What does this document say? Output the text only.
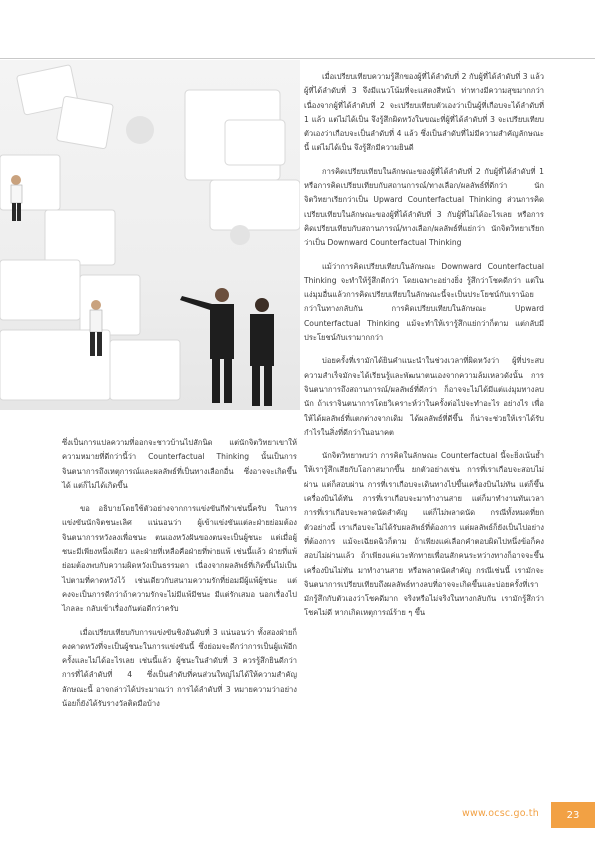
ซึ่งเป็นการแปลความที่ออกจะชาวบ้านไปสักนิด แต่นักจิตวิทยาเขาให้ความหมายที่ดีกว่านี้ว่า Counterfactual Thinking นั้นเป็นการจินตนาการถึงเหตุการณ์และผลลัพธ์ที่เป็นทางเลือกอื่น ซึ่งอาจจะเกิดขึ้นได้ แต่ก็ไม่ได้เกิดขึ้น

ขอ อธิบายโดยใช้ตัวอย่างจากการแข่งขันกีฬาเช่นนี้ครับ ในการแข่งขันนักจิตชนะเลิศ แน่นอนว่า ผู้เข้าแข่งขันแต่ละฝ่ายย่อมต้องจินตนาการหวังลงเพื่อชนะ ตนเองหวังฝันของตนจะเป็นผู้ชนะ แต่เมื่อผู้ชนะมีเพียงหนึ่งเดียว และฝ่ายที่เหลือคือฝ่ายที่พ่ายแพ้ เช่นนี้แล้ว ฝ่ายที่แพ้ย่อมต้องพบกับความผิดหวังเป็นธรรมดา เนื่องจากผลลัพธ์ที่เกิดขึ้นไม่เป็นไปตามที่คาดหวังไว้ เช่นเดียวกับสนามความรักที่ย่อมมีผู้แพ้ผู้ชนะ แต่คงจะเป็นการดีกว่าถ้าความรักจะไม่มีแพ้มีชนะ มีแต่รักเสมอ นอกเรื่องไปไกลละ กลับเข้าเรื่องกันต่อดีกว่าครับ

เมื่อเปรียบเทียบกับการแข่งขันชิงอันดับที่ 3 แน่นอนว่า ทั้งสองฝ่ายก็คงคาดหวังที่จะเป็นผู้ชนะในการแข่งขันนี้ ซึ่งย่อมจะดีกว่าการเป็นผู้แพ้อีกครั้งและไม่ได้อะไรเลย เช่นนี้แล้ว ผู้ชนะในลำดับที่ 3 ควรรู้สึกยินดีกว่าการที่ได้ลำดับที่ 4 ซึ่งเป็นลำดับที่คนส่วนใหญ่ไม่ได้ให้ความสำคัญลักษณะนี้ อาจกล่าวได้ประมาณว่า การได้ลำดับที่ 3 หมายความว่าอย่างน้อยก็ยังได้รับรางวัลติดมือบ้าง

เมื่อเปรียบเทียบความรู้สึกของผู้ที่ได้ลำดับที่ 2 กับผู้ที่ได้ลำดับที่ 3 แล้ว ผู้ที่ได้ลำดับที่ 3 จึงมีแนวโน้มที่จะแสดงสีหน้า ท่าทางมีความสุขมากกว่า เนื่องจากผู้ที่ได้ลำดับที่ 2 จะเปรียบเทียบตัวเองว่าเป็นผู้ที่เกือบจะได้ลำดับที่ 1 แล้ว แต่ไม่ได้เป็น จึงรู้สึกผิดหวังในขณะที่ผู้ที่ได้ลำดับที่ 3 จะเปรียบเทียบตัวเองว่าเกือบจะเป็นลำดับที่ 4 แล้ว ซึ่งเป็นลำดับที่ไม่มีความสำคัญลักษณะนี้ แต่ไม่ได้เป็น จึงรู้สึกมีความยินดี

การคิดเปรียบเทียบในลักษณะของผู้ที่ได้ลำดับที่ 2 กับผู้ที่ได้ลำดับที่ 1 หรือการคิดเปรียบเทียบกับสถานการณ์/ทางเลือก/ผลลัพธ์ที่ดีกว่า นักจิตวิทยาเรียกว่าเป็น Upward Counterfactual Thinking ส่วนการคิดเปรียบเทียบในลักษณะของผู้ที่ได้ลำดับที่ 3 กับผู้ที่ไม่ได้อะไรเลย หรือการคิดเปรียบเทียบกับสถานการณ์/ทางเลือก/ผลลัพธ์ที่แย่กว่า นักจิตวิทยาเรียกว่าเป็น Downward Counterfactual Thinking

แม้ว่าการคิดเปรียบเทียบในลักษณะ Downward Counterfactual Thinking จะทำให้รู้สึกดีกว่า โดยเฉพาะอย่างยิ่ง รู้สึกว่าโชคดีกว่า แต่ในแง่มุมอื่นแล้วการคิดเปรียบเทียบในลักษณะนี้จะเป็นประโยชน์กับเราน้อยกว่าในทางกลับกัน การคิดเปรียบเทียบในลักษณะ Upward Counterfactual Thinking แม้จะทำให้เรารู้สึกแย่กว่าก็ตาม แต่กลับมีประโยชน์กับเรามากกว่า

บ่อยครั้งที่เรามักได้ยินคำแนะนำในช่วงเวลาที่ผิดหวังว่า ผู้ที่ประสบความสำเร็จมักจะได้เรียนรู้และพัฒนาตนเองจากความล้มเหลวดังนั้น การจินตนาการถึงสถานการณ์/ผลลัพธ์ที่ดีกว่า ก็อาจจะไม่ได้มีแต่แง่มุมทางลบนัก ถ้าเราจินตนาการโดยวิเคราะห์ว่าในครั้งต่อไปจะทำอะไร อย่างไร เพื่อให้ได้ผลลัพธ์ที่แตกต่างจากเดิม ได้ผลลัพธ์ที่ดีขึ้น ก็น่าจะช่วยให้เราได้รับกำไรในสิ่งที่ดีกว่าในอนาคต

นักจิตวิทยาพบว่า การคิดในลักษณะ Counterfactual นี้จะยิ่งเน้นย้ำให้เรารู้สึกเสียกับโอกาสมากขึ้น ยกตัวอย่างเช่น การที่เราเกือบจะสอบไม่ผ่าน แต่ก็สอบผ่าน การที่เราเกือบจะเดินทางไปขึ้นเครื่องบินไม่ทัน แต่ก็ขึ้นเครื่องบินได้ทัน การที่เราเกือบจะมาทำงานสาย แต่ก็มาทำงานทันเวลา การที่เราเกือบจะพลาดนัดสำคัญ แต่ก็ไม่พลาดนัด กรณีทั้งหมดที่ยกตัวอย่างนี้ เราเกือบจะไม่ได้รับผลลัพธ์ที่ต้องการ แต่ผลลัพธ์ก็ยังเป็นไปอย่างที่ต้องการ แม้จะเฉียดฉิวก็ตาม ถ้าเพียงแค่เลือกคำตอบผิดไปหนึ่งข้อก็คงสอบไม่ผ่านแล้ว ถ้าเพียงแค่แวะทักทายเพื่อนสักคนระหว่างทางก็อาจจะขึ้นเครื่องบินไม่ทัน มาทำงานสาย หรือพลาดนัดสำคัญ กรณีเช่นนี้ เรามักจะจินตนาการเปรียบเทียบถึงผลลัพธ์ทางลบที่อาจจะเกิดขึ้นและบ่อยครั้งที่เรามักรู้สึกกับตัวเองว่าโชคดีมาก จริงหรือไม่จริงในทางกลับกัน เรามักรู้สึกว่าโชคไม่ดี หากเกิดเหตุการณ์ร้าย ๆ ขึ้น

www.ocsc.go.th	23
